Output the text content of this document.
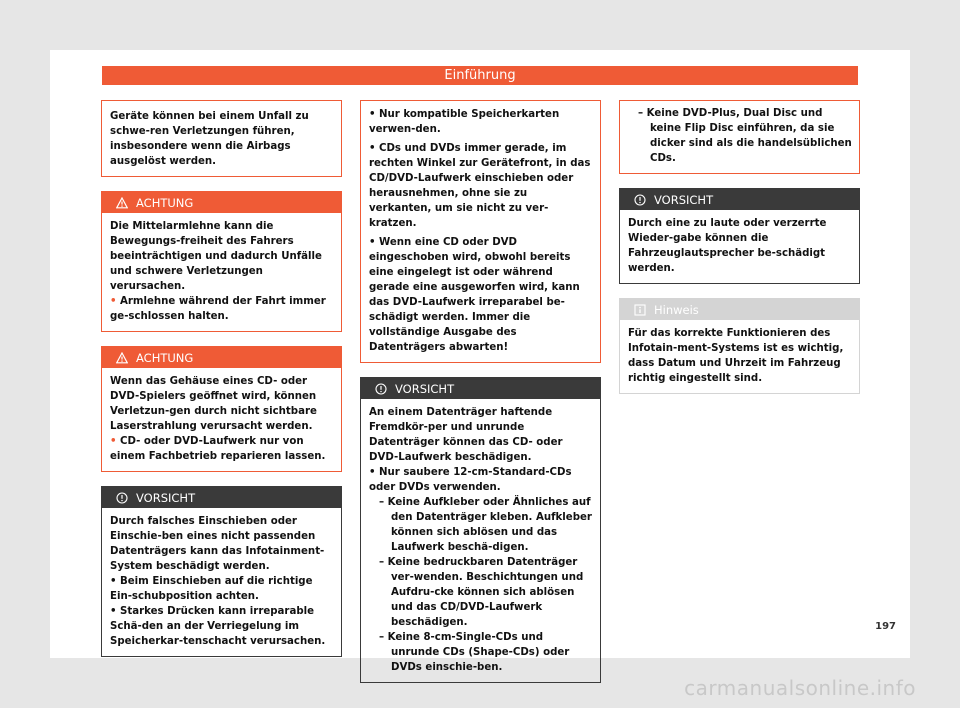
Einführung

Geräte können bei einem Unfall zu schwe-ren Verletzungen führen, insbesondere wenn die Airbags ausgelöst werden.

ACHTUNG

Die Mittelarmlehne kann die Bewegungs-freiheit des Fahrers beeinträchtigen und dadurch Unfälle und schwere Verletzungen verursachen.

• Armlehne während der Fahrt immer ge-schlossen halten.

ACHTUNG

Wenn das Gehäuse eines CD- oder DVD-Spielers geöffnet wird, können Verletzun-gen durch nicht sichtbare Laserstrahlung verursacht werden.

• CD- oder DVD-Laufwerk nur von einem Fachbetrieb reparieren lassen.

VORSICHT

Durch falsches Einschieben oder Einschie-ben eines nicht passenden Datenträgers kann das Infotainment-System beschädigt werden.

• Beim Einschieben auf die richtige Ein-schubposition achten.

• Starkes Drücken kann irreparable Schä-den an der Verriegelung im Speicherkar-tenschacht verursachen.

• Nur kompatible Speicherkarten verwen-den.

• CDs und DVDs immer gerade, im rechten Winkel zur Gerätefront, in das CD/DVD-Laufwerk einschieben oder herausnehmen, ohne sie zu verkanten, um sie nicht zu ver-kratzen.

• Wenn eine CD oder DVD eingeschoben wird, obwohl bereits eine eingelegt ist oder während gerade eine ausgeworfen wird, kann das DVD-Laufwerk irreparabel be-schädigt werden. Immer die vollständige Ausgabe des Datenträgers abwarten!

VORSICHT

An einem Datenträger haftende Fremdkör-per und unrunde Datenträger können das CD- oder DVD-Laufwerk beschädigen.

• Nur saubere 12-cm-Standard-CDs oder DVDs verwenden.

– Keine Aufkleber oder Ähnliches auf den Datenträger kleben. Aufkleber können sich ablösen und das Laufwerk beschä-digen.

– Keine bedruckbaren Datenträger ver-wenden. Beschichtungen und Aufdru-cke können sich ablösen und das CD/DVD-Laufwerk beschädigen.

– Keine 8-cm-Single-CDs und unrunde CDs (Shape-CDs) oder DVDs einschie-ben.

– Keine DVD-Plus, Dual Disc und keine Flip Disc einführen, da sie dicker sind als die handelsüblichen CDs.

VORSICHT

Durch eine zu laute oder verzerrte Wieder-gabe können die Fahrzeuglautsprecher be-schädigt werden.

Hinweis

Für das korrekte Funktionieren des Infotain-ment-Systems ist es wichtig, dass Datum und Uhrzeit im Fahrzeug richtig eingestellt sind.

197
carmanualsonline.info
